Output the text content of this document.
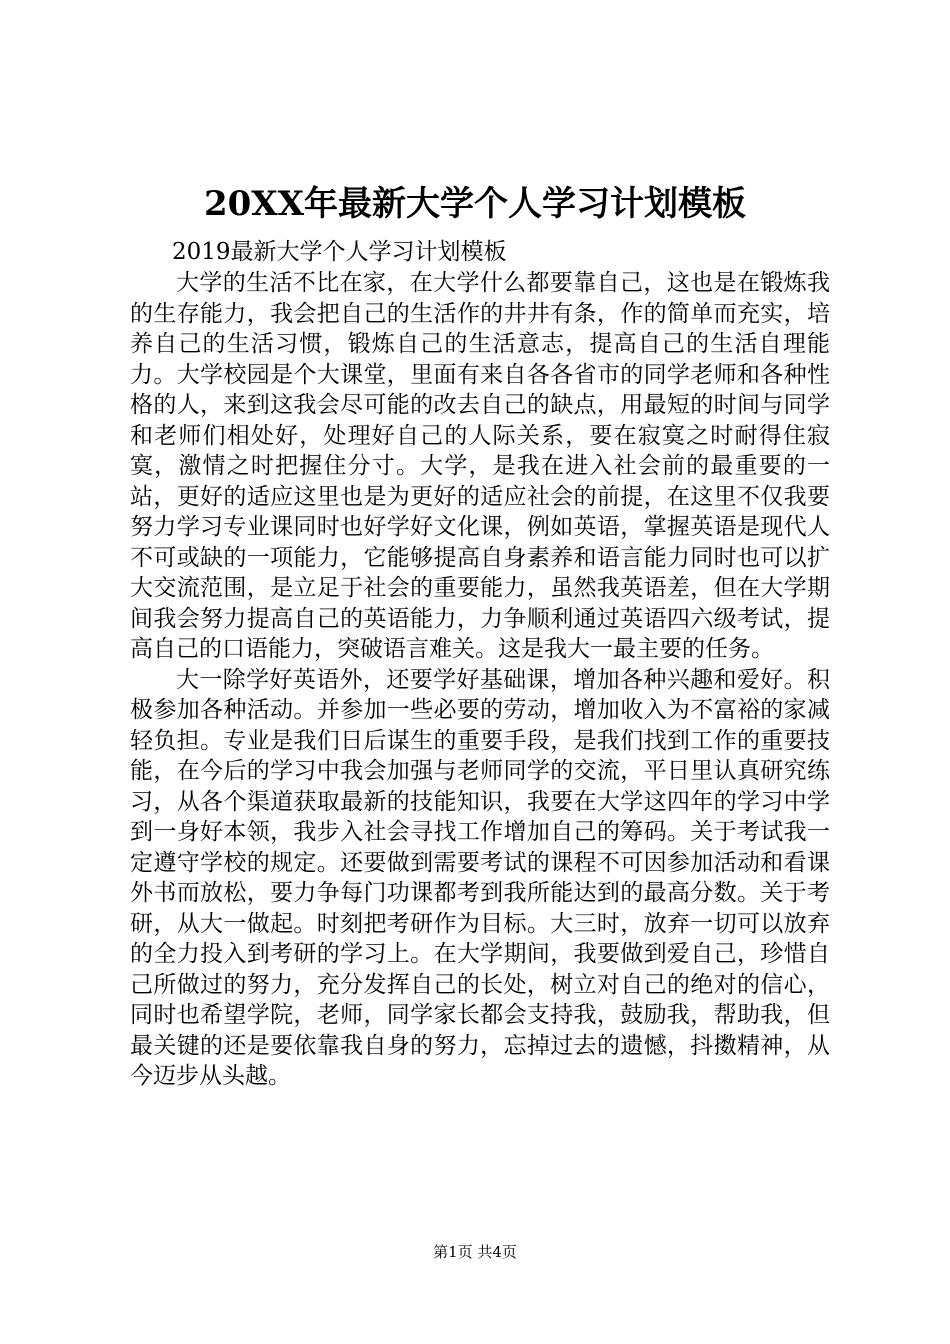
20XX年最新大学个人学习计划模板

2019最新大学个人学习计划模板

大学的生活不比在家，在大学什么都要靠自己，这也是在锻炼我的生存能力，我会把自己的生活作的井井有条，作的简单而充实，培养自己的生活习惯，锻炼自己的生活意志，提高自己的生活自理能力。大学校园是个大课堂，里面有来自各各省市的同学老师和各种性格的人，来到这我会尽可能的改去自己的缺点，用最短的时间与同学和老师们相处好，处理好自己的人际关系，要在寂寞之时耐得住寂寞，激情之时把握住分寸。大学，是我在进入社会前的最重要的一站，更好的适应这里也是为更好的适应社会的前提，在这里不仅我要努力学习专业课同时也好学好文化课，例如英语，掌握英语是现代人不可或缺的一项能力，它能够提高自身素养和语言能力同时也可以扩大交流范围，是立足于社会的重要能力，虽然我英语差，但在大学期间我会努力提高自己的英语能力，力争顺利通过英语四六级考试，提高自己的口语能力，突破语言难关。这是我大一最主要的任务。

大一除学好英语外，还要学好基础课，增加各种兴趣和爱好。积极参加各种活动。并参加一些必要的劳动，增加收入为不富裕的家减轻负担。专业是我们日后谋生的重要手段，是我们找到工作的重要技能，在今后的学习中我会加强与老师同学的交流，平日里认真研究练习，从各个渠道获取最新的技能知识，我要在大学这四年的学习中学到一身好本领，我步入社会寻找工作增加自己的筹码。关于考试我一定遵守学校的规定。还要做到需要考试的课程不可因参加活动和看课外书而放松，要力争每门功课都考到我所能达到的最高分数。关于考研，从大一做起。时刻把考研作为目标。大三时，放弃一切可以放弃的全力投入到考研的学习上。在大学期间，我要做到爱自己，珍惜自己所做过的努力，充分发挥自己的长处，树立对自己的绝对的信心，同时也希望学院，老师，同学家长都会支持我，鼓励我，帮助我，但最关键的还是要依靠我自身的努力，忘掉过去的遗憾，抖擞精神，从今迈步从头越。

第1页 共4页
